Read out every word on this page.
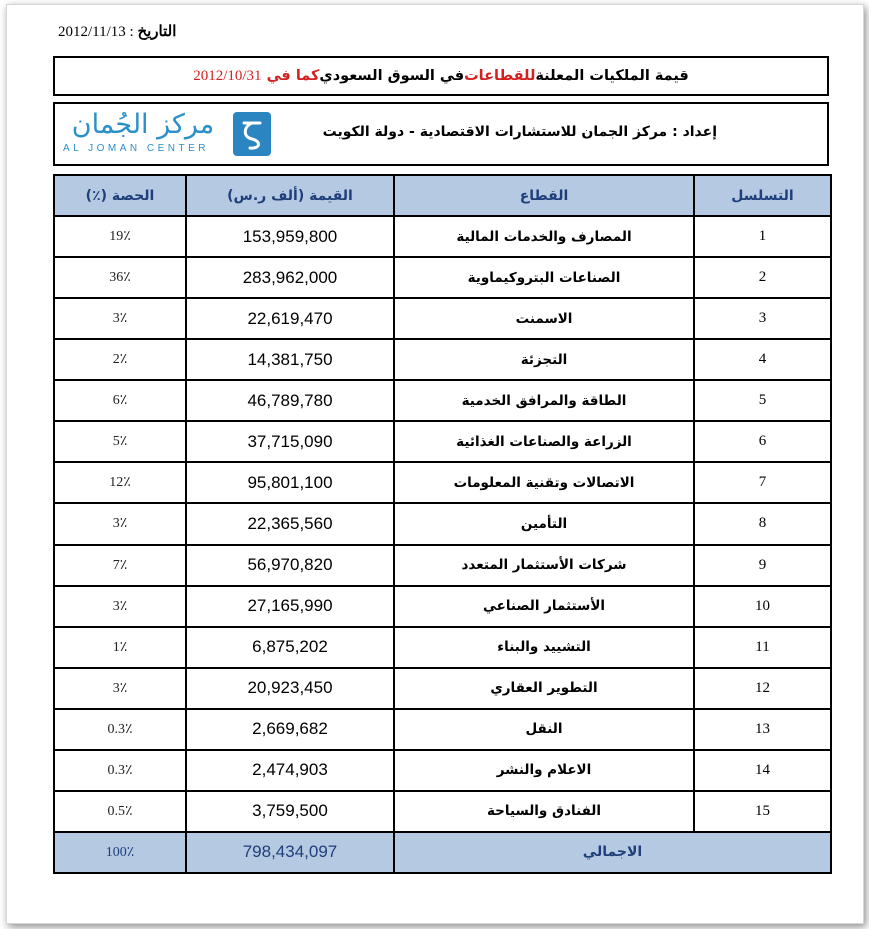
التاريخ : 2012/11/13
قيمة الملكيات المعلنة
للقطاعات
في السوق السعودي
كما في

2012/10/31
مركز الجُمان
AL JOMAN CENTER
إعداد : مركز الجمان للاستشارات الاقتصادية - دولة الكويت
التسلسل	القطاع	القيمة (ألف ر.س)	الحصة (٪)
1	المصارف والخدمات المالية	153,959,800	19٪
2	الصناعات البتروكيماوية	283,962,000	36٪
3	الاسمنت	22,619,470	3٪
4	التجزئة	14,381,750	2٪
5	الطاقة والمرافق الخدمية	46,789,780	6٪
6	الزراعة والصناعات الغذائية	37,715,090	5٪
7	الاتصالات وتقنية المعلومات	95,801,100	12٪
8	التأمين	22,365,560	3٪
9	شركات الأستثمار المتعدد	56,970,820	7٪
10	الأستثمار الصناعي	27,165,990	3٪
11	التشييد والبناء	6,875,202	1٪
12	التطوير العقاري	20,923,450	3٪
13	النقل	2,669,682	0.3٪
14	الاعلام والنشر	2,474,903	0.3٪
15	الفنادق والسياحة	3,759,500	0.5٪
الاجمالي		798,434,097	100٪
